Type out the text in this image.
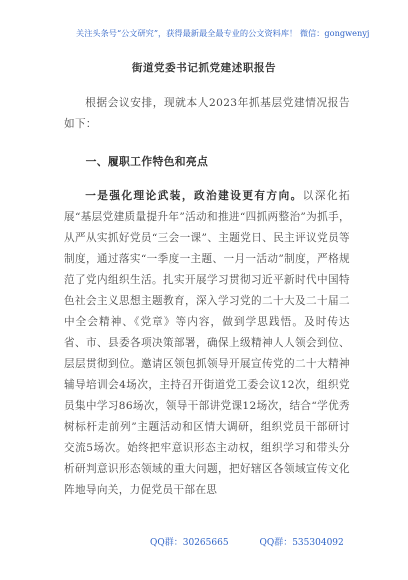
关注头条号“公文研究”，获得最新最全最专业的公文资料库！ 微信：gongwenyj
街道党委书记抓党建述职报告

根据会议安排，现就本人2023年抓基层党建情况报告如下：

一、履职工作特色和亮点

一是强化理论武装，政治建设更有方向。以深化拓展“基层党建质量提升年”活动和推进“四抓两整治”为抓手，从严从实抓好党员“三会一课”、主题党日、民主评议党员等制度，通过落实“一季度一主题、一月一活动”制度，严格规范了党内组织生活。扎实开展学习贯彻习近平新时代中国特色社会主义思想主题教育，深入学习党的二十大及二十届二中全会精神、《党章》等内容，做到学思践悟。及时传达省、市、县委各项决策部署，确保上级精神人人领会到位、层层贯彻到位。邀请区领包抓领导开展宣传党的二十大精神辅导培训会4场次，主持召开街道党工委会议12次，组织党员集中学习86场次，领导干部讲党课12场次，结合“学优秀树标杆走前列”主题活动和区情大调研，组织党员干部研讨交流5场次。始终把牢意识形态主动权，组织学习和带头分析研判意识形态领域的重大问题，把好辖区各领域宣传文化阵地导向关，力促党员干部在思

QQ群：30265665	QQ群：535304092
